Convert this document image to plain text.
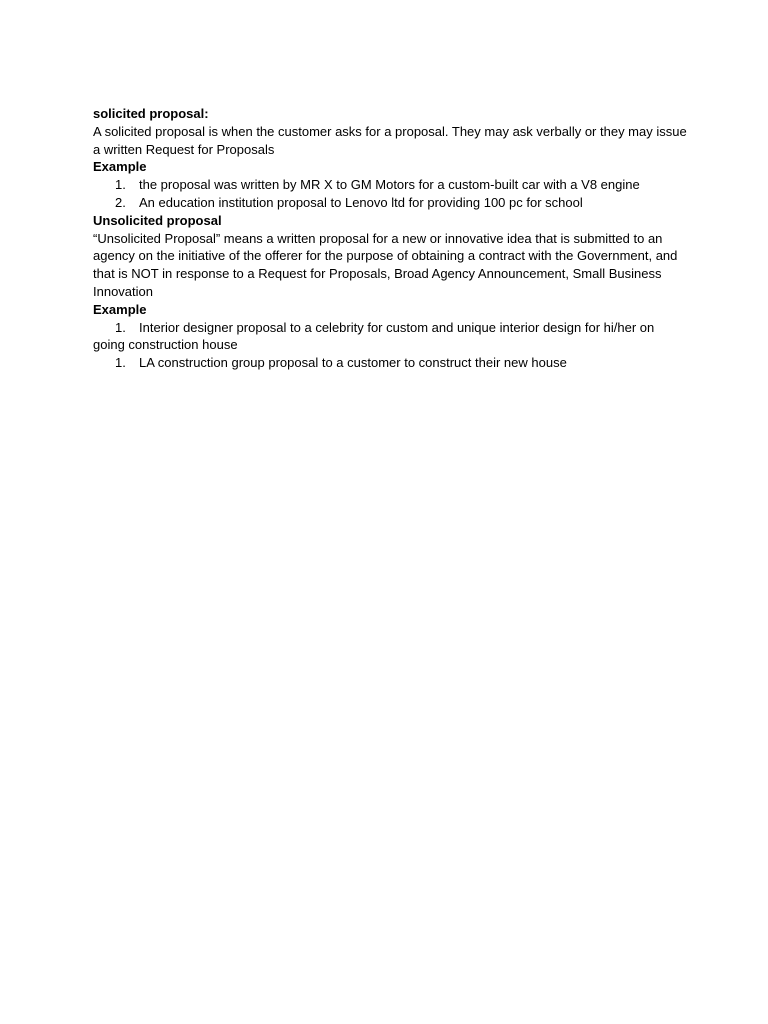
solicited proposal:

A solicited proposal is when the customer asks for a proposal. They may ask verbally or they may issue a written Request for Proposals

Example

1. the proposal was written by MR X to GM Motors for a custom-built car with a V8 engine
2. An education institution proposal to Lenovo ltd for providing 100 pc for school

Unsolicited proposal

“Unsolicited Proposal” means a written proposal for a new or innovative idea that is submitted to an agency on the initiative of the offerer for the purpose of obtaining a contract with the Government, and that is NOT in response to a Request for Proposals, Broad Agency Announcement, Small Business Innovation

Example

1. Interior designer proposal to a celebrity for custom and unique interior design for hi/her on

going construction house

1. LA construction group proposal to a customer to construct their new house
